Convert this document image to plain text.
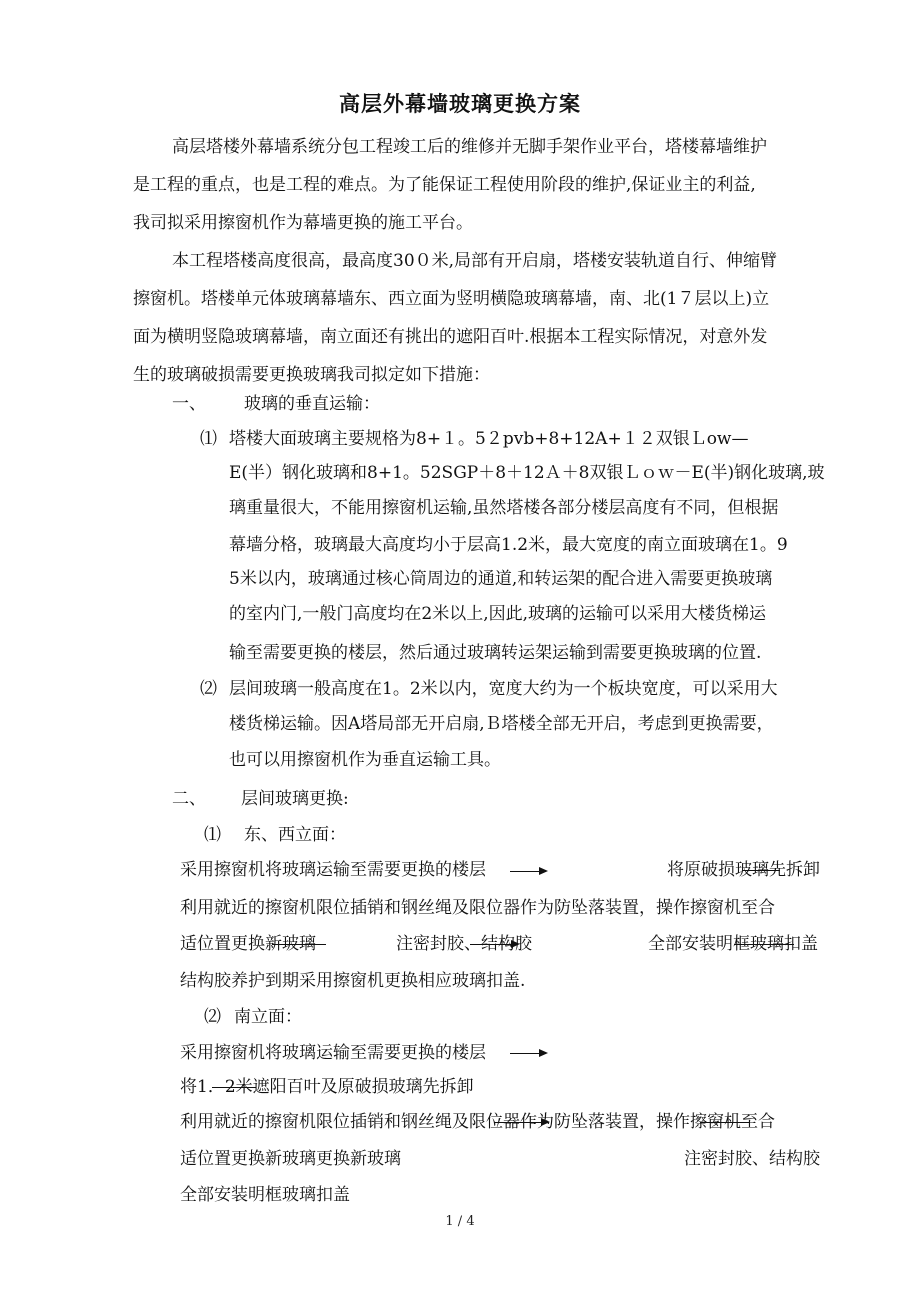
高层外幕墙玻璃更换方案
高层塔楼外幕墙系统分包工程竣工后的维修并无脚手架作业平台，塔楼幕墙维护
是工程的重点，也是工程的难点。为了能保证工程使用阶段的维护,保证业主的利益,
我司拟采用擦窗机作为幕墙更换的施工平台。
本工程塔楼高度很高，最高度30０米,局部有开启扇，塔楼安装轨道自行、伸缩臂
擦窗机。塔楼单元体玻璃幕墙东、西立面为竖明横隐玻璃幕墙，南、北(1７层以上)立
面为横明竖隐玻璃幕墙，南立面还有挑出的遮阳百叶.根据本工程实际情况，对意外发
生的玻璃破损需要更换玻璃我司拟定如下措施：
一、 玻璃的垂直运输：
⑴ 塔楼大面玻璃主要规格为8+１。5２pvb+8+12A+１２双银Ｌow—
E(半）钢化玻璃和8+1。52SGP＋8＋12Ａ＋8双银Ｌｏｗ－E(半)钢化玻璃,玻
璃重量很大，不能用擦窗机运输,虽然塔楼各部分楼层高度有不同，但根据
幕墙分格，玻璃最大高度均小于层高1.2米，最大宽度的南立面玻璃在1。9
5米以内，玻璃通过核心筒周边的通道,和转运架的配合进入需要更换玻璃
的室内门,一般门高度均在2米以上,因此,玻璃的运输可以采用大楼货梯运
输至需要更换的楼层，然后通过玻璃转运架运输到需要更换玻璃的位置.
⑵ 层间玻璃一般高度在1。2米以内，宽度大约为一个板块宽度，可以采用大
楼货梯运输。因A塔局部无开启扇,Ｂ塔楼全部无开启，考虑到更换需要，
也可以用擦窗机作为垂直运输工具。
二、 层间玻璃更换:
⑴ 东、西立面：
采用擦窗机将玻璃运输至需要更换的楼层	将原破损玻璃先拆卸
利用就近的擦窗机限位插销和钢丝绳及限位器作为防坠落装置，操作擦窗机至合
适位置更换新玻璃	注密封胶、结构胶	全部安装明框玻璃扣盖
结构胶养护到期采用擦窗机更换相应玻璃扣盖.
⑵ 南立面：
采用擦窗机将玻璃运输至需要更换的楼层
将1．2米遮阳百叶及原破损玻璃先拆卸
利用就近的擦窗机限位插销和钢丝绳及限位器作为防坠落装置，操作擦窗机至合
适位置更换新玻璃更换新玻璃	注密封胶、结构胶
全部安装明框玻璃扣盖
1 / 4
